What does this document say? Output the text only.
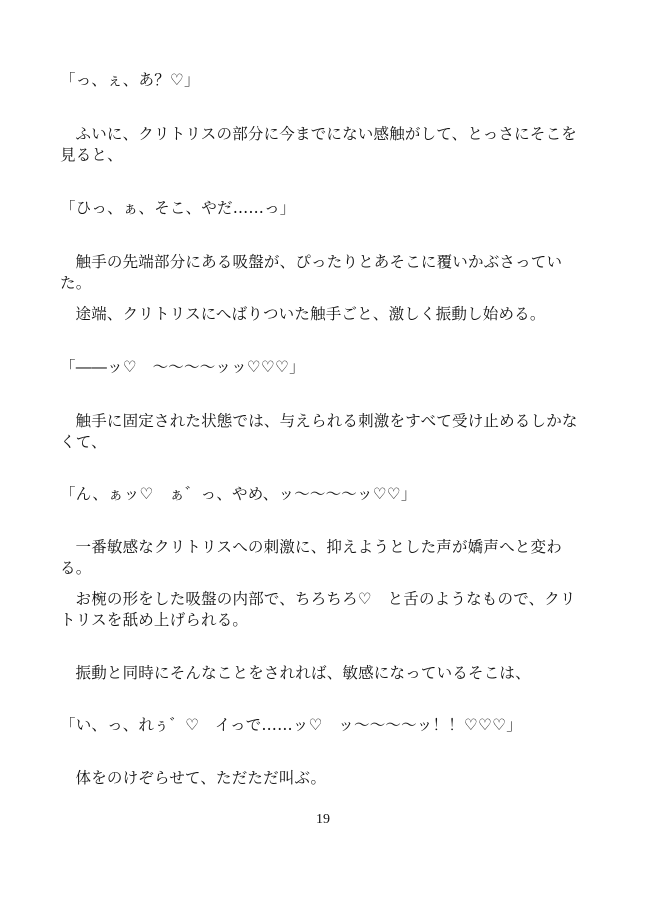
「っ、ぇ、あ？♡」

ふいに、クリトリスの部分に今までにない感触がして、とっさにそこを見ると、

「ひっ、ぁ、そこ、やだ……っ」

触手の先端部分にある吸盤が、ぴったりとあそこに覆いかぶさっていた。

途端、クリトリスにへばりついた触手ごと、激しく振動し始める。

「――ッ♡　〜〜〜〜ッッ♡♡♡」

触手に固定された状態では、与えられる刺激をすべて受け止めるしかなくて、

「ん、ぁッ♡　ぁ゛っ、やめ、ッ〜〜〜〜ッ♡♡」

一番敏感なクリトリスへの刺激に、抑えようとした声が嬌声へと変わる。

お椀の形をした吸盤の内部で、ちろちろ♡　と舌のようなもので、クリトリスを舐め上げられる。

振動と同時にそんなことをされれば、敏感になっているそこは、

「い、っ、れぅ゛♡　イっで……ッ♡　ッ〜〜〜〜ッ！！♡♡♡」

体をのけぞらせて、ただただ叫ぶ。

19
